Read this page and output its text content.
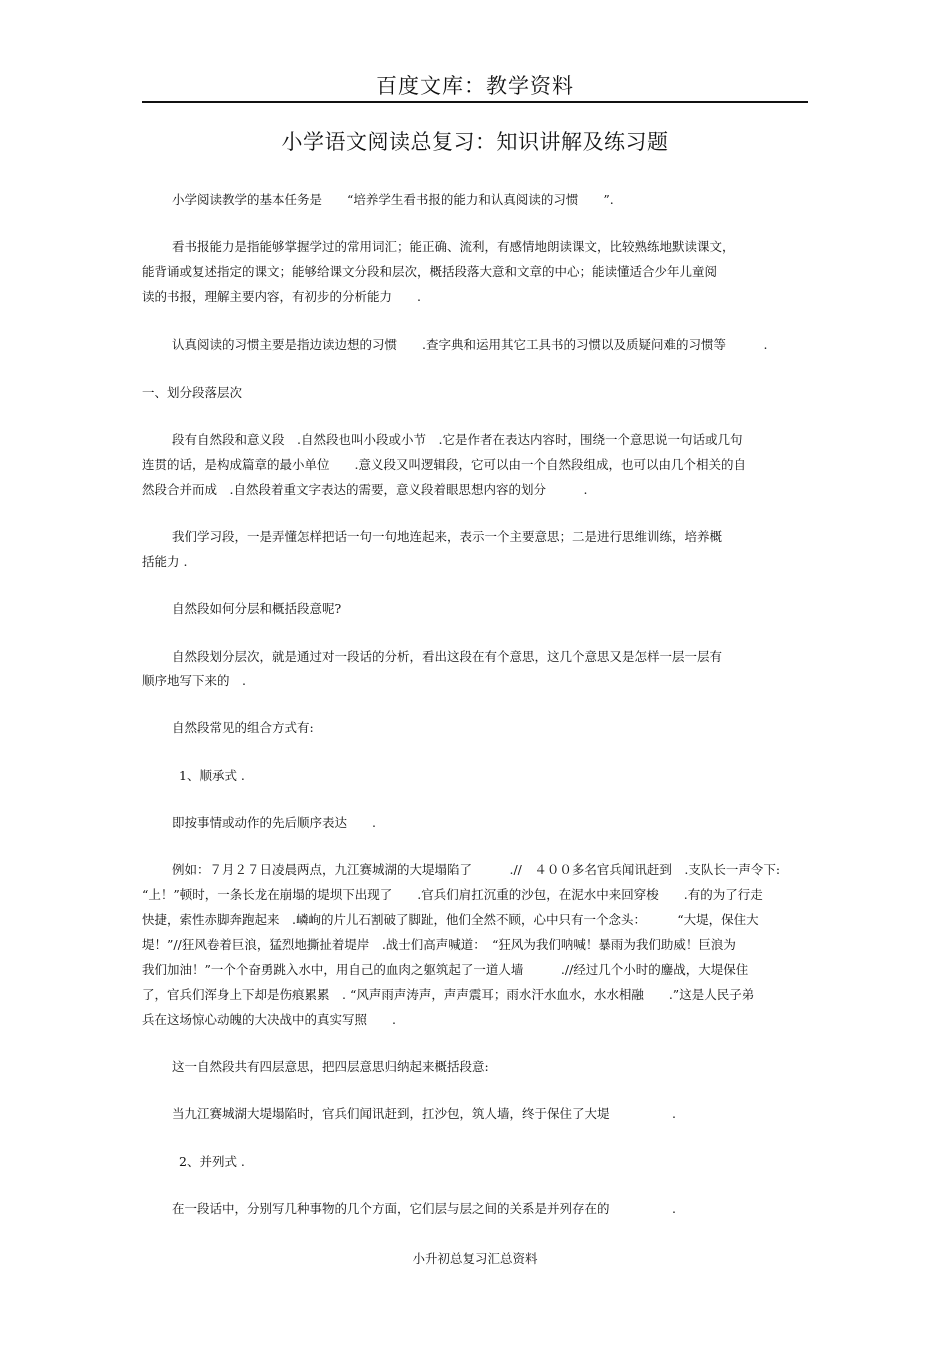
百度文库：教学资料
小学语文阅读总复习：知识讲解及练习题
小学阅读教学的基本任务是　　“培养学生看书报的能力和认真阅读的习惯　　”.
看书报能力是指能够掌握学过的常用词汇；能正确、流利，有感情地朗读课文，比较熟练地默读课文，
能背诵或复述指定的课文；能够给课文分段和层次，概括段落大意和文章的中心；能读懂适合少年儿童阅
读的书报，理解主要内容，有初步的分析能力　　.
认真阅读的习惯主要是指边读边想的习惯　　.查字典和运用其它工具书的习惯以及质疑问难的习惯等　　　.
一、划分段落层次
段有自然段和意义段　.自然段也叫小段或小节　.它是作者在表达内容时，围绕一个意思说一句话或几句
连贯的话，是构成篇章的最小单位　　.意义段又叫逻辑段，它可以由一个自然段组成，也可以由几个相关的自
然段合并而成　.自然段着重文字表达的需要，意义段着眼思想内容的划分　　　.
我们学习段，一是弄懂怎样把话一句一句地连起来，表示一个主要意思；二是进行思维训练，培养概
括能力 .
自然段如何分层和概括段意呢?
自然段划分层次，就是通过对一段话的分析，看出这段在有个意思，这几个意思又是怎样一层一层有
顺序地写下来的　.
自然段常见的组合方式有:
1、顺承式 .
即按事情或动作的先后顺序表达　　.
例如：７月２７日凌晨两点，九江赛城湖的大堤塌陷了　　　.//　４００多名官兵闻讯赶到　.支队长一声令下:
“上！”顿时，一条长龙在崩塌的堤坝下出现了　　.官兵们肩扛沉重的沙包，在泥水中来回穿梭　　.有的为了行走
快捷，索性赤脚奔跑起来　.嶙峋的片儿石割破了脚趾，他们全然不顾，心中只有一个念头：　　　“大堤，保住大
堤！”//狂风卷着巨浪，猛烈地撕扯着堤岸　.战士们高声喊道：　“狂风为我们呐喊！暴雨为我们助威！巨浪为
我们加油！”一个个奋勇跳入水中，用自己的血肉之躯筑起了一道人墙　　　.//经过几个小时的鏖战，大堤保住
了，官兵们浑身上下却是伤痕累累　. “风声雨声涛声，声声震耳；雨水汗水血水，水水相融　　.”这是人民子弟
兵在这场惊心动魄的大决战中的真实写照　　.
这一自然段共有四层意思，把四层意思归纳起来概括段意:
当九江赛城湖大堤塌陷时，官兵们闻讯赶到，扛沙包，筑人墙，终于保住了大堤　　　　　.
2、并列式 .
在一段话中，分别写几种事物的几个方面，它们层与层之间的关系是并列存在的　　　　　.
小升初总复习汇总资料
